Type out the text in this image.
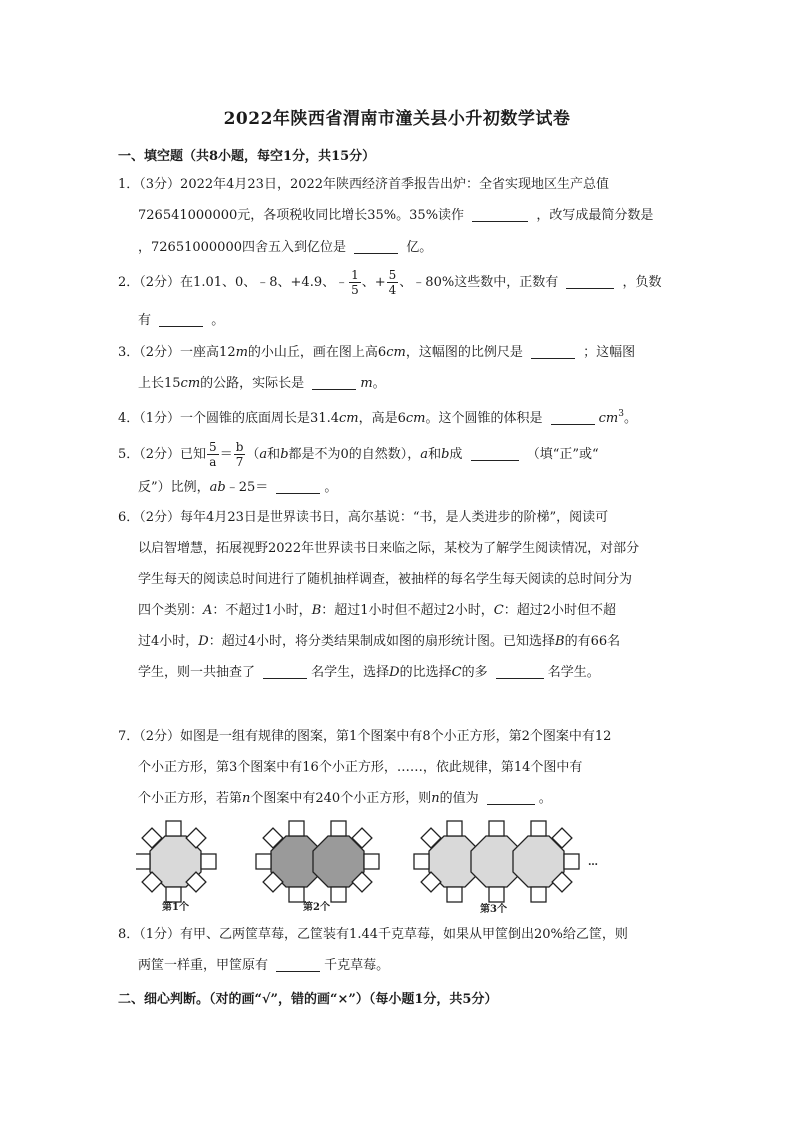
2022年陕西省渭南市潼关县小升初数学试卷
一、填空题（共8小题，每空1分，共15分）
1．（3分）2022年4月23日，2022年陕西经济首季报告出炉：全省实现地区生产总值
726541000000元，各项税收同比增长35%。35%读作	，改写成最简分数是
，72651000000四舍五入到亿位是	亿。
2．（2分）在1.01、0、﹣8、+4.9、﹣ $\frac{1}{5}$ 、+ $\frac{5}{4}$ 、﹣80%这些数中，正数有	，负数
有	。
3．（2分）一座高12m的小山丘，画在图上高6cm，这幅图的比例尺是	；这幅图
上长15cm的公路，实际长是	m。
4．（1分）一个圆锥的底面周长是31.4cm，高是6cm。这个圆锥的体积是	$cm^3$。
5．（2分）已知 $\frac{5}{a} = \frac{b}{7} (a$和b都是不为0的自然数），a和b成	（填“正”或“
反”）比例，ab﹣25＝	。
6．（2分）每年4月23日是世界读书日，高尔基说：“书，是人类进步的阶梯”，阅读可
以启智增慧，拓展视野2022年世界读书日来临之际，某校为了解学生阅读情况，对部分
学生每天的阅读总时间进行了随机抽样调查，被抽样的每名学生每天阅读的总时间分为
四个类别：A：不超过1小时，B：超过1小时但不超过2小时，C：超过2小时但不超
过4小时，D：超过4小时，将分类结果制成如图的扇形统计图。已知选择B的有66名
学生，则一共抽查了	名学生，选择D的比选择C的多	名学生。
7．（2分）如图是一组有规律的图案，第1个图案中有8个小正方形，第2个图案中有12
个小正方形，第3个图案中有16个小正方形，……，依此规律，第14个图中有
个小正方形，若第n个图案中有240个小正方形，则n的值为	。
第1个	第2个	第3个
…
8．（1分）有甲、乙两筐草莓，乙筐装有1.44千克草莓，如果从甲筐倒出20%给乙筐，则
两筐一样重，甲筐原有	千克草莓。
二、细心判断。（对的画“√”，错的画“×”）（每小题1分，共5分）
